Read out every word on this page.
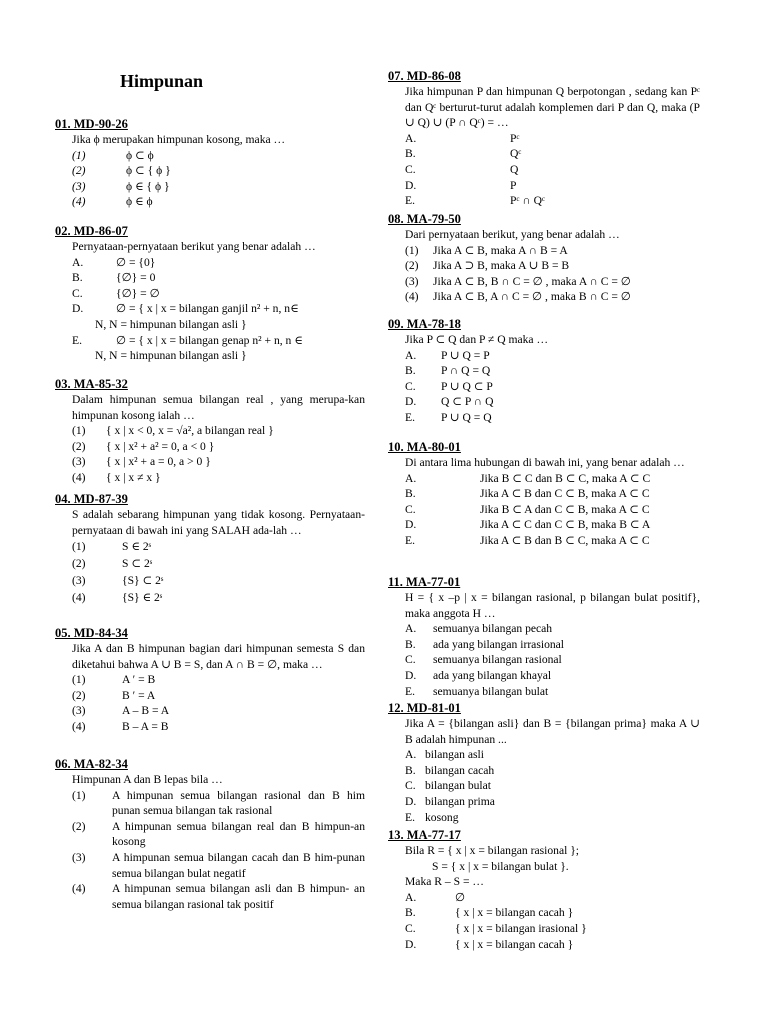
Himpunan
01. MD-90-26
Jika ϕ merupakan himpunan kosong, maka …
(1)	ϕ ⊂ ϕ
(2)	ϕ ⊂ { ϕ }
(3)	ϕ ∈ { ϕ }
(4)	ϕ ∈ ϕ
02. MD-86-07
Pernyataan-pernyataan berikut yang benar adalah …
A.	∅ = {0}
B.	{∅} = 0
C.	{∅} = ∅
D.	∅ = { x | x = bilangan ganjil n² + n, n∈
N, N = himpunan bilangan asli }
E.	∅ = { x | x = bilangan genap n² + n, n ∈
N, N = himpunan bilangan asli }
03. MA-85-32
Dalam himpunan semua bilangan real , yang merupa-kan himpunan kosong ialah …
(1)	{ x | x < 0, x = √a², a bilangan real }
(2)	{ x | x² + a² = 0, a < 0 }
(3)	{ x | x² + a = 0, a > 0 }
(4)	{ x | x ≠ x }
04. MD-87-39
S adalah sebarang himpunan yang tidak kosong. Pernyataan-pernyataan di bawah ini yang SALAH ada-lah …
(1)	S ∈ 2ˢ
(2)	S ⊂ 2ˢ
(3)	{S} ⊂ 2ˢ
(4)	{S} ∈ 2ˢ
05. MD-84-34
Jika A dan B himpunan bagian dari himpunan semesta S dan diketahui bahwa A ∪ B = S, dan A ∩ B = ∅, maka …
(1)	A ′ = B
(2)	B ′ = A
(3)	A – B = A
(4)	B – A = B
06. MA-82-34
Himpunan A dan B lepas bila …
(1)	A himpunan semua bilangan rasional dan B him punan semua bilangan tak rasional
(2)	A himpunan semua bilangan real dan B himpun-an kosong
(3)	A himpunan semua bilangan cacah dan B him-punan semua bilangan bulat negatif
(4)	A himpunan semua bilangan asli dan B himpun- an semua bilangan rasional tak positif
07. MD-86-08
Jika himpunan P dan himpunan Q berpotongan , sedang kan Pᶜ dan Qᶜ berturut-turut adalah komplemen dari P dan Q, maka (P ∪ Q) ∪ (P ∩ Qᶜ) = …
A.	Pᶜ
B.	Qᶜ
C.	Q
D.	P
E.	Pᶜ ∩ Qᶜ
08. MA-79-50
Dari pernyataan berikut, yang benar adalah …
(1)	Jika A ⊂ B, maka A ∩ B = A
(2)	Jika A ⊃ B, maka A ∪ B = B
(3)	Jika A ⊂ B, B ∩ C = ∅ , maka A ∩ C = ∅
(4)	Jika A ⊂ B, A ∩ C = ∅ , maka B ∩ C = ∅
09. MA-78-18
Jika P ⊂ Q dan P ≠ Q maka …
A.	P ∪ Q = P
B.	P ∩ Q = Q
C.	P ∪ Q ⊂ P
D.	Q ⊂ P ∩ Q
E.	P ∪ Q = Q
10. MA-80-01
Di antara lima hubungan di bawah ini, yang benar adalah …
A.	Jika B ⊂ C dan B ⊂ C, maka A ⊂ C
B.	Jika A ⊂ B dan C ⊂ B, maka A ⊂ C
C.	Jika B ⊂ A dan C ⊂ B, maka A ⊂ C
D.	Jika A ⊂ C dan C ⊂ B, maka B ⊂ A
E.	Jika A ⊂ B dan B ⊂ C, maka A ⊂ C
11. MA-77-01
H = { x –p | x = bilangan rasional, p bilangan bulat positif}, maka anggota H …
A.	semuanya bilangan pecah
B.	ada yang bilangan irrasional
C.	semuanya bilangan rasional
D.	ada yang bilangan khayal
E.	semuanya bilangan bulat
12. MD-81-01
Jika A = {bilangan asli} dan B = {bilangan prima} maka A ∪ B adalah himpunan ...
A. bilangan asli
B. bilangan cacah
C. bilangan bulat
D. bilangan prima
E. kosong
13. MA-77-17
Bila R = { x | x = bilangan rasional };
S = { x | x = bilangan bulat }.
Maka R – S = …
A.	∅
B.	{ x | x = bilangan cacah }
C.	{ x | x = bilangan irasional }
D.	{ x | x = bilangan cacah }
